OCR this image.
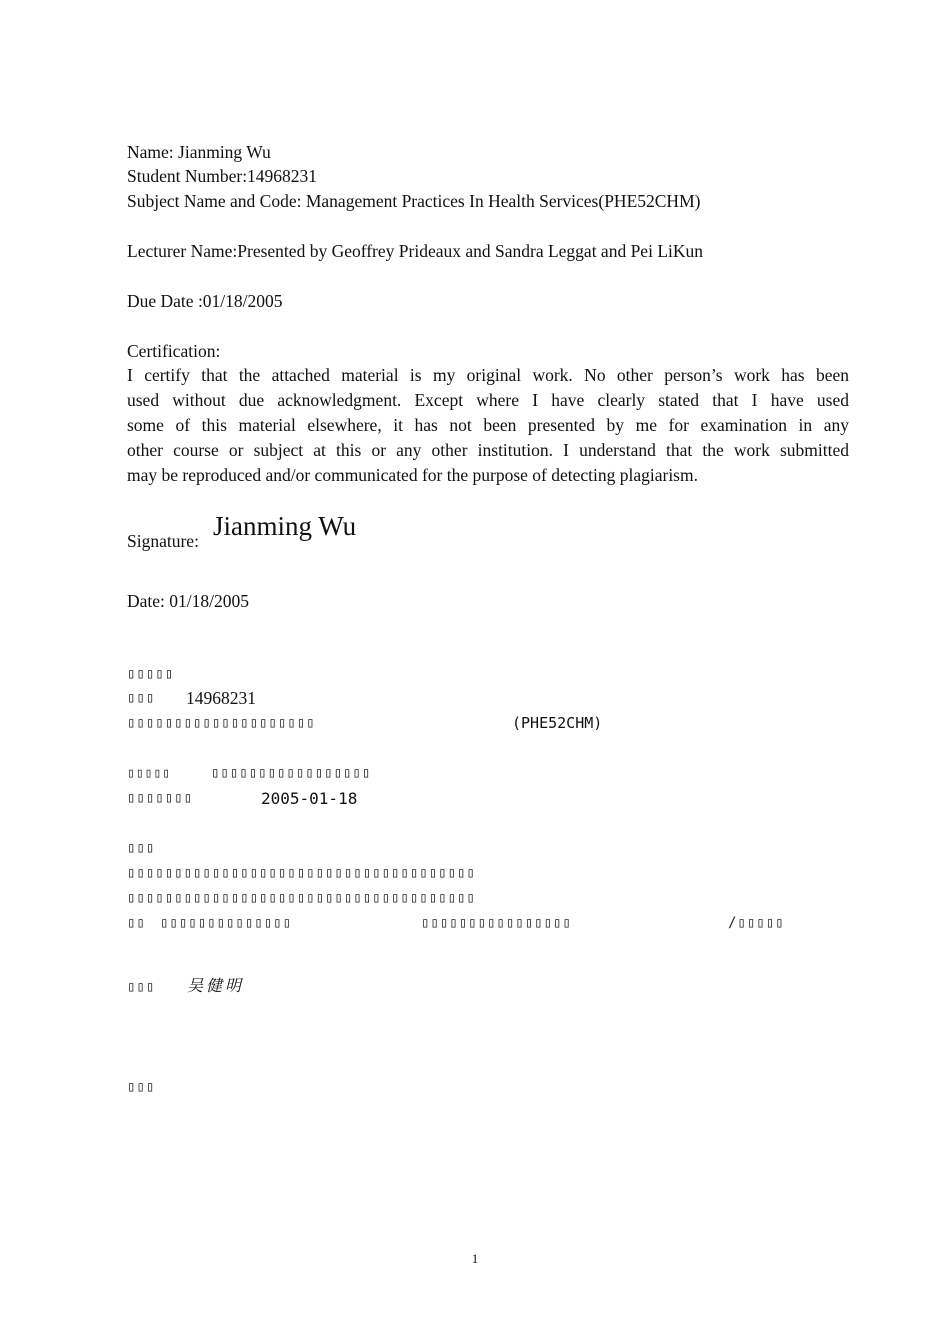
Name: Jianming Wu
Student Number:14968231
Subject Name and Code: Management Practices In Health Services(PHE52CHM)
Lecturer Name:Presented by Geoffrey Prideaux and Sandra Leggat and Pei LiKun
Due Date :01/18/2005
Certification:
I certify that the attached material is my original work. No other person’s work has been
used without due acknowledgment. Except where I have clearly stated that I have used
some of this material elsewhere, it has not been presented by me for examination in any
other course or subject at this or any other institution. I understand that the work submitted
may be reproduced and/or communicated for the purpose of detecting plagiarism.
Signature: Jianming Wu
Date: 01/18/2005
▯▯▯▯▯
▯▯▯ 14968231
▯▯▯▯▯▯▯▯▯▯▯▯▯▯▯▯▯▯▯▯	(PHE52CHM)
▯▯▯▯▯	▯▯▯▯▯▯▯▯▯▯▯▯▯▯▯▯▯
▯▯▯▯▯▯▯	2005-01-18
▯▯▯
▯▯▯▯▯▯▯▯▯▯▯▯▯▯▯▯▯▯▯▯▯▯▯▯▯▯▯▯▯▯▯▯▯▯▯▯▯
▯▯▯▯▯▯▯▯▯▯▯▯▯▯▯▯▯▯▯▯▯▯▯▯▯▯▯▯▯▯▯▯▯▯▯▯▯
▯▯ ▯▯▯▯▯▯▯▯▯▯▯▯▯▯	▯▯▯▯▯▯▯▯▯▯▯▯▯▯▯▯	/▯▯▯▯▯
▯▯▯ 吴健明
▯▯▯
1
